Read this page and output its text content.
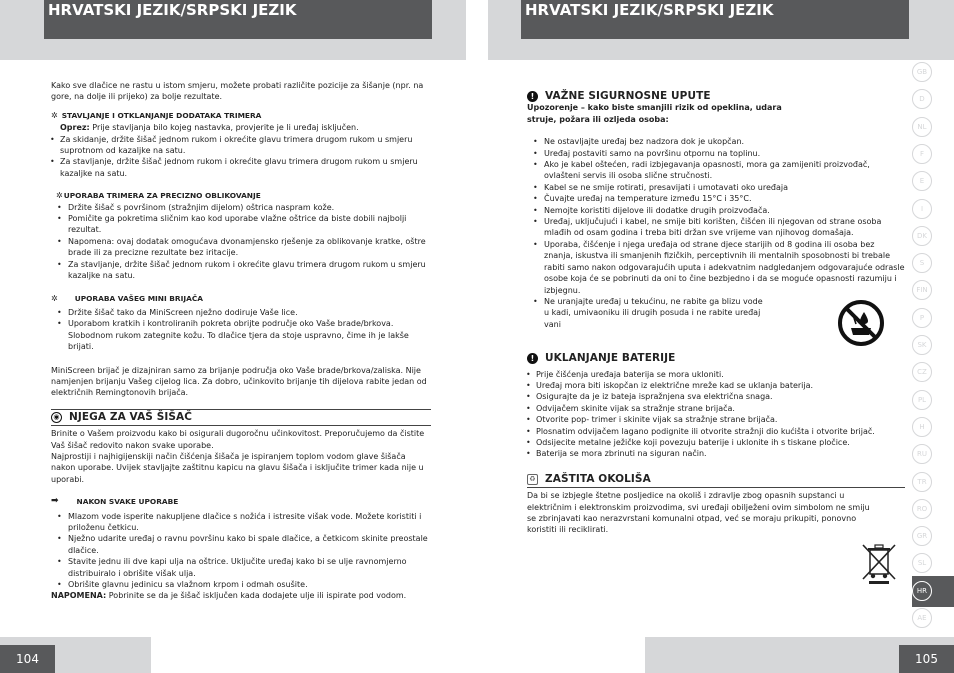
HRVATSKI JEZIK/SRPSKI JEZIK	HRVATSKI JEZIK/SRPSKI JEZIK
104	105

Kako sve dlačice ne rastu u istom smjeru, možete probati različite pozicije za šišanje (npr. na gore, na dolje ili prijeko) za bolje rezultate.

✲ STAVLJANJE I OTKLANJANJE DODATAKA TRIMERA

Oprez: Prije stavljanja bilo kojeg nastavka, provjerite je li uređaj isključen.

• Za skidanje, držite šišač jednom rukom i okrećite glavu trimera drugom rukom u smjeru suprotnom od kazaljke na satu.
• Za stavljanje, držite šišač jednom rukom i okrećite glavu trimera drugom rukom u smjeru kazaljke na satu.
✲ UPORABA TRIMERA ZA PRECIZNO OBLIKOVANJE
• Držite šišač s površinom (stražnjim dijelom) oštrica naspram kože.
• Pomičite ga pokretima sličnim kao kod uporabe vlažne oštrice da biste dobili najbolji rezultat.
• Napomena: ovaj dodatak omogućava dvonamjensko rješenje za oblikovanje kratke, oštre brade ili za precizne rezultate bez iritacije.
• Za stavljanje, držite šišač jednom rukom i okrećite glavu trimera drugom rukom u smjeru kazaljke na satu.
✲ UPORABA VAŠEG MINI BRIJAČA
• Držite šišač tako da MiniScreen nježno dodiruje Vaše lice.
• Uporabom kratkih i kontroliranih pokreta obrijte područje oko Vaše brade/brkova. Slobodnom rukom zategnite kožu. To dlačice tjera da stoje uspravno, čime ih je lakše brijati.

MiniScreen brijač je dizajniran samo za brijanje područja oko Vaše brade/brkova/zaliska. Nije namjenjen brijanju Vašeg cijelog lica. Za dobro, učinkovito brijanje tih dijelova rabite jedan od električnih Remingtonovih brijača.

◉ NJEGA ZA VAŠ ŠIŠAČ

Brinite o Vašem proizvodu kako bi osigurali dugoročnu učinkovitost. Preporučujemo da čistite Vaš šišač redovito nakon svake uporabe.

Najprostiji i najhigijenskiji način čišćenja šišača je ispiranjem toplom vodom glave šišača nakon uporabe. Uvijek stavljajte zaštitnu kapicu na glavu šišača i isključite trimer kada nije u uporabi.

➡ NAKON SVAKE UPORABE
• Mlazom vode isperite nakupljene dlačice s nožića i istresite višak vode. Možete koristiti i priloženu četkicu.
• Nježno udarite uređaj o ravnu površinu kako bi spale dlačice, a četkicom skinite preostale dlačice.
• Stavite jednu ili dve kapi ulja na oštrice. Uključite uređaj kako bi se ulje ravnomjerno distribuiralo i obrišite višak ulja.
• Obrišite glavnu jedinicu sa vlažnom krpom i odmah osušite.

NAPOMENA: Pobrinite se da je šišač isključen kada dodajete ulje ili ispirate pod vodom.

!	VAŽNE SIGURNOSNE UPUTE

Upozorenje – kako biste smanjili rizik od opeklina, udara struje, požara ili ozljeda osoba:

• Ne ostavljajte uređaj bez nadzora dok je ukopčan.
• Uređaj postaviti samo na površinu otpornu na toplinu.
• Ako je kabel oštećen, radi izbjegavanja opasnosti, mora ga zamijeniti proizvođač, ovlašteni servis ili osoba slične stručnosti.
• Kabel se ne smije rotirati, presavijati i umotavati oko uređaja
• Čuvajte uređaj na temperature između 15°C i 35°C.
• Nemojte koristiti dijelove ili dodatke drugih proizvođača.
• Uređaj, uključujući i kabel, ne smije biti korišten, čišćen ili njegovan od strane osoba mlađih od osam godina i treba biti držan sve vrijeme van njihovog domašaja.
• Uporaba, čišćenje i njega uređaja od strane djece starijih od 8 godina ili osoba bez znanja, iskustva ili smanjenih fizičkih, perceptivnih ili mentalnih sposobnosti bi trebale rabiti samo nakon odgovarajućih uputa i adekvatnim nadgledanjem odgovarajuće odrasle osobe koja će se pobrinuti da oni to čine bezbjedno i da se moguće opasnosti razumiju i izbjegnu.
• Ne uranjajte uređaj u tekućinu, ne rabite ga blizu vode u kadi, umivaoniku ili drugih posuda i ne rabite uređaj vani
!	UKLANJANJE BATERIJE
• Prije čišćenja uređaja baterija se mora ukloniti.
• Uređaj mora biti iskopčan iz električne mreže kad se uklanja baterija.
• Osigurajte da je iz bateja ispražnjena sva električna snaga.
• Odvijačem skinite vijak sa stražnje strane brijača.
• Otvorite pop- trimer i skinite vijak sa stražnje strane brijača.
• Plosnatim odvijačem lagano podignite ili otvorite stražnji dio kućišta i otvorite brijač.
• Odsijecite metalne ježičke koji povezuju baterije i uklonite ih s tiskane pločice.
• Baterija se mora zbrinuti na siguran način.
♻ ZAŠTITA OKOLIŠA

Da bi se izbjegle štetne posljedice na okoliš i zdravlje zbog opasnih supstanci u električnim i elektronskim proizvodima, svi uređaji obilježeni ovim simbolom ne smiju se zbrinjavati kao nerazvrstani komunalni otpad, već se moraju prikupiti, ponovno koristiti ili reciklirati.

GB
D
NL
F
E
I
DK
S
FIN
P
SK
CZ
PL
H
RU
TR
RO
GR
SL
HR
AE
